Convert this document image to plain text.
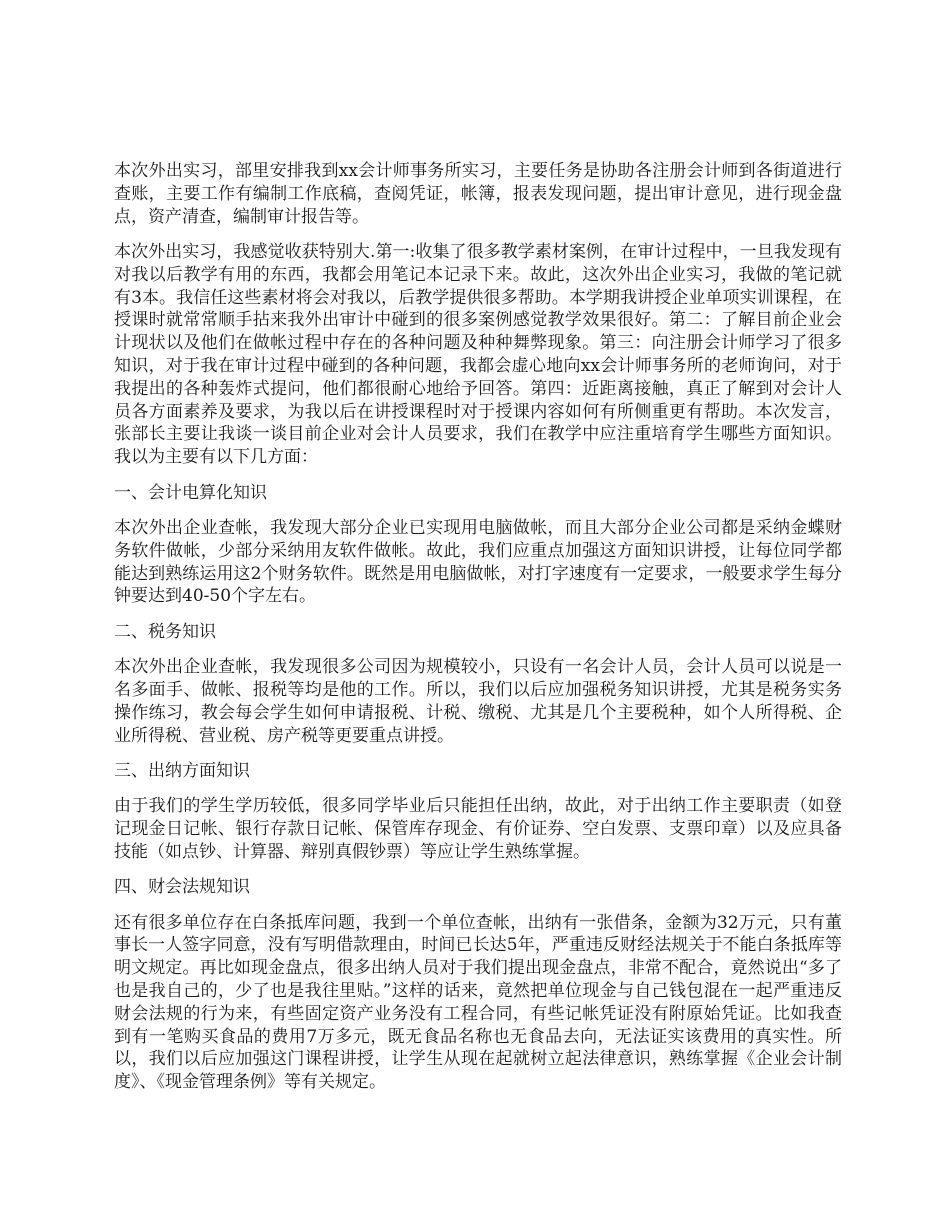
本次外出实习，部里安排我到xx会计师事务所实习，主要任务是协助各注册会计师到各街道进行查账，主要工作有编制工作底稿，查阅凭证，帐簿，报表发现问题，提出审计意见，进行现金盘点，资产清查，编制审计报告等。

本次外出实习，我感觉收获特别大.第一:收集了很多教学素材案例，在审计过程中，一旦我发现有对我以后教学有用的东西，我都会用笔记本记录下来。故此，这次外出企业实习，我做的笔记就有3本。我信任这些素材将会对我以，后教学提供很多帮助。本学期我讲授企业单项实训课程，在授课时就常常顺手拈来我外出审计中碰到的很多案例感觉教学效果很好。第二：了解目前企业会计现状以及他们在做帐过程中存在的各种问题及种种舞弊现象。第三：向注册会计师学习了很多知识，对于我在审计过程中碰到的各种问题，我都会虚心地向xx会计师事务所的老师询问，对于我提出的各种轰炸式提问，他们都很耐心地给予回答。第四：近距离接触，真正了解到对会计人员各方面素养及要求，为我以后在讲授课程时对于授课内容如何有所侧重更有帮助。本次发言，张部长主要让我谈一谈目前企业对会计人员要求，我们在教学中应注重培育学生哪些方面知识。我以为主要有以下几方面：

一、会计电算化知识

本次外出企业查帐，我发现大部分企业已实现用电脑做帐，而且大部分企业公司都是采纳金蝶财务软件做帐，少部分采纳用友软件做帐。故此，我们应重点加强这方面知识讲授，让每位同学都能达到熟练运用这2个财务软件。既然是用电脑做帐，对打字速度有一定要求，一般要求学生每分钟要达到40-50个字左右。

二、税务知识

本次外出企业查帐，我发现很多公司因为规模较小，只设有一名会计人员，会计人员可以说是一名多面手、做帐、报税等均是他的工作。所以，我们以后应加强税务知识讲授，尤其是税务实务操作练习，教会每会学生如何申请报税、计税、缴税、尤其是几个主要税种，如个人所得税、企业所得税、营业税、房产税等更要重点讲授。

三、出纳方面知识

由于我们的学生学历较低，很多同学毕业后只能担任出纳，故此，对于出纳工作主要职责（如登记现金日记帐、银行存款日记帐、保管库存现金、有价证券、空白发票、支票印章）以及应具备技能（如点钞、计算器、辩别真假钞票）等应让学生熟练掌握。

四、财会法规知识

还有很多单位存在白条抵库问题，我到一个单位查帐，出纳有一张借条，金额为32万元，只有董事长一人签字同意，没有写明借款理由，时间已长达5年，严重违反财经法规关于不能白条抵库等明文规定。再比如现金盘点，很多出纳人员对于我们提出现金盘点，非常不配合，竟然说出“多了也是我自己的，少了也是我往里贴。”这样的话来，竟然把单位现金与自己钱包混在一起严重违反财会法规的行为来，有些固定资产业务没有工程合同，有些记帐凭证没有附原始凭证。比如我查到有一笔购买食品的费用7万多元，既无食品名称也无食品去向，无法证实该费用的真实性。所以，我们以后应加强这门课程讲授，让学生从现在起就树立起法律意识，熟练掌握《企业会计制度》、《现金管理条例》等有关规定。
